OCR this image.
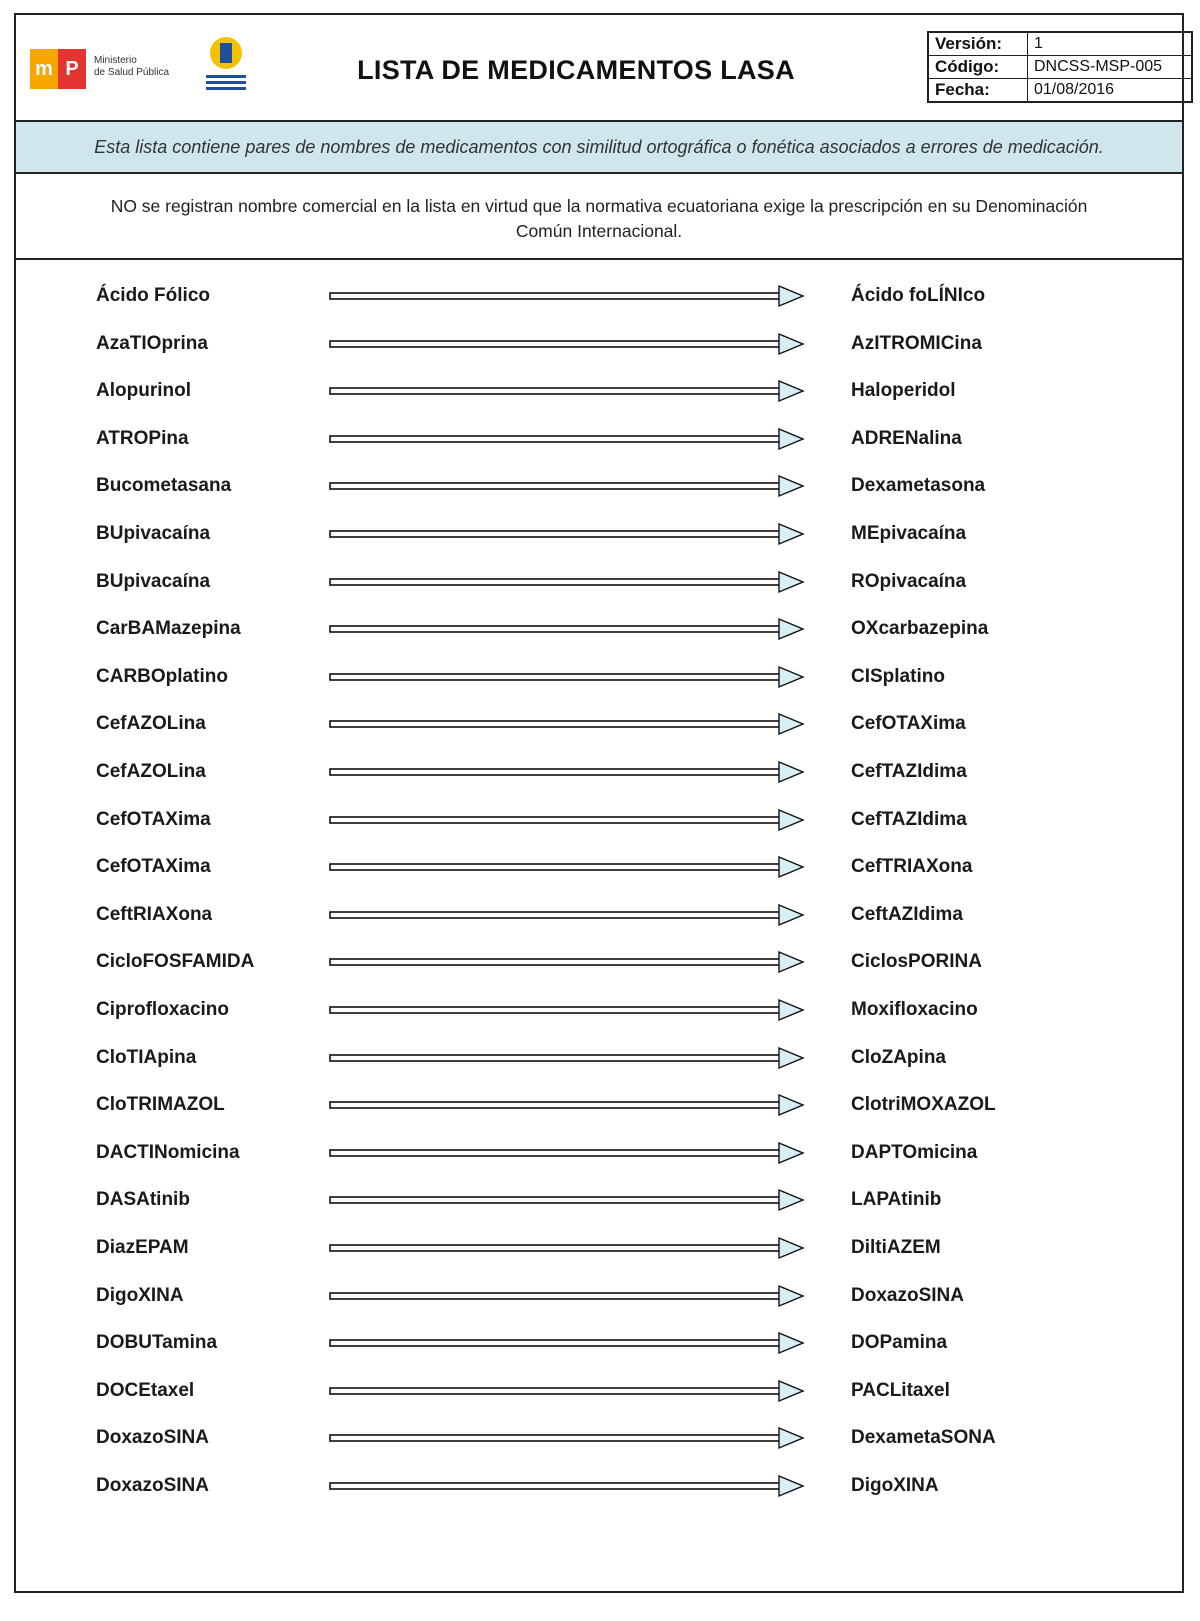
m P	Ministerio
de Salud Pública	LISTA DE MEDICAMENTOS LASA
Versión:	1
Código:	DNCSS-MSP-005
Fecha:	01/08/2016
Esta lista contiene pares de nombres de medicamentos con similitud ortográfica o fonética asociados a errores de medicación.
NO se registran nombre comercial en la lista en virtud que la normativa ecuatoriana exige la prescripción en su Denominación
Común Internacional.
Ácido Fólico	Ácido foLÍNIco
AzaTIOprina	AzITROMICina
Alopurinol	Haloperidol
ATROPina	ADRENalina
Bucometasana	Dexametasona
BUpivacaína	MEpivacaína
BUpivacaína	ROpivacaína
CarBAMazepina	OXcarbazepina
CARBOplatino	CISplatino
CefAZOLina	CefOTAXima
CefAZOLina	CefTAZIdima
CefOTAXima	CefTAZIdima
CefOTAXima	CefTRIAXona
CeftRIAXona	CeftAZIdima
CicloFOSFAMIDA	CiclosPORINA
Ciprofloxacino	Moxifloxacino
CloTIApina	CloZApina
CloTRIMAZOL	ClotriMOXAZOL
DACTINomicina	DAPTOmicina
DASAtinib	LAPAtinib
DiazEPAM	DiltiAZEM
DigoXINA	DoxazoSINA
DOBUTamina	DOPamina
DOCEtaxel	PACLitaxel
DoxazoSINA	DexametaSONA
DoxazoSINA	DigoXINA
